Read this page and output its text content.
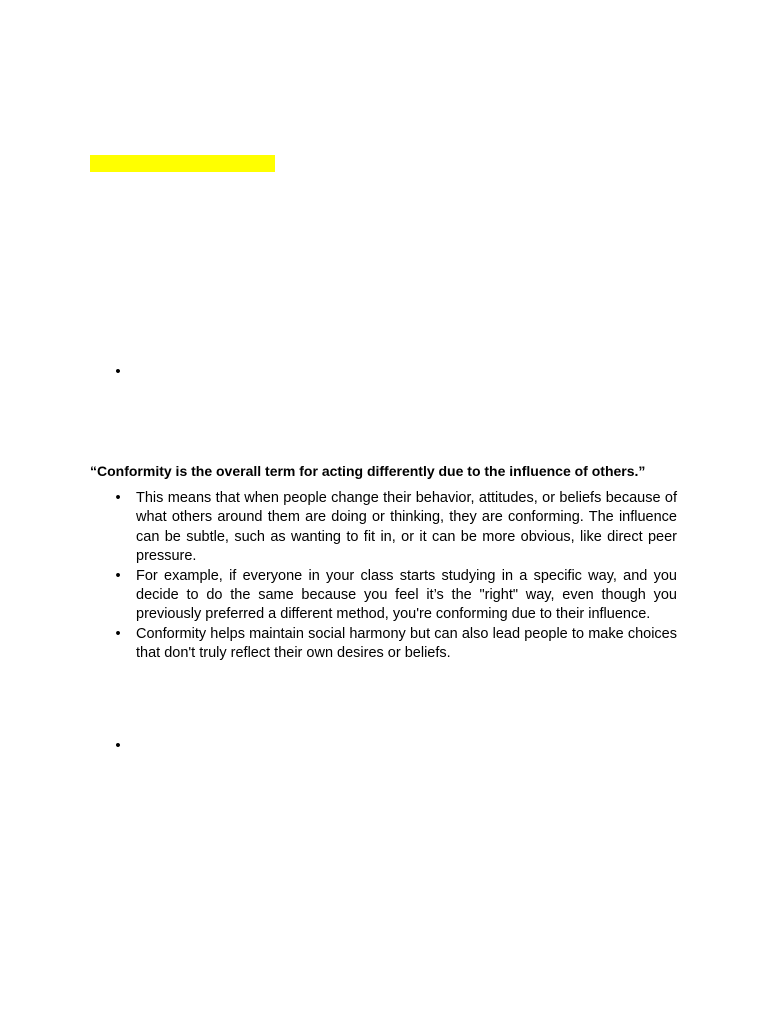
•

“Conformity is the overall term for acting differently due to the influence of others.”

• This means that when people change their behavior, attitudes, or beliefs because of what others around them are doing or thinking, they are conforming. The influence can be subtle, such as wanting to fit in, or it can be more obvious, like direct peer pressure.
• For example, if everyone in your class starts studying in a specific way, and you decide to do the same because you feel it’s the "right" way, even though you previously preferred a different method, you're conforming due to their influence.
• Conformity helps maintain social harmony but can also lead people to make choices that don't truly reflect their own desires or beliefs.
•
